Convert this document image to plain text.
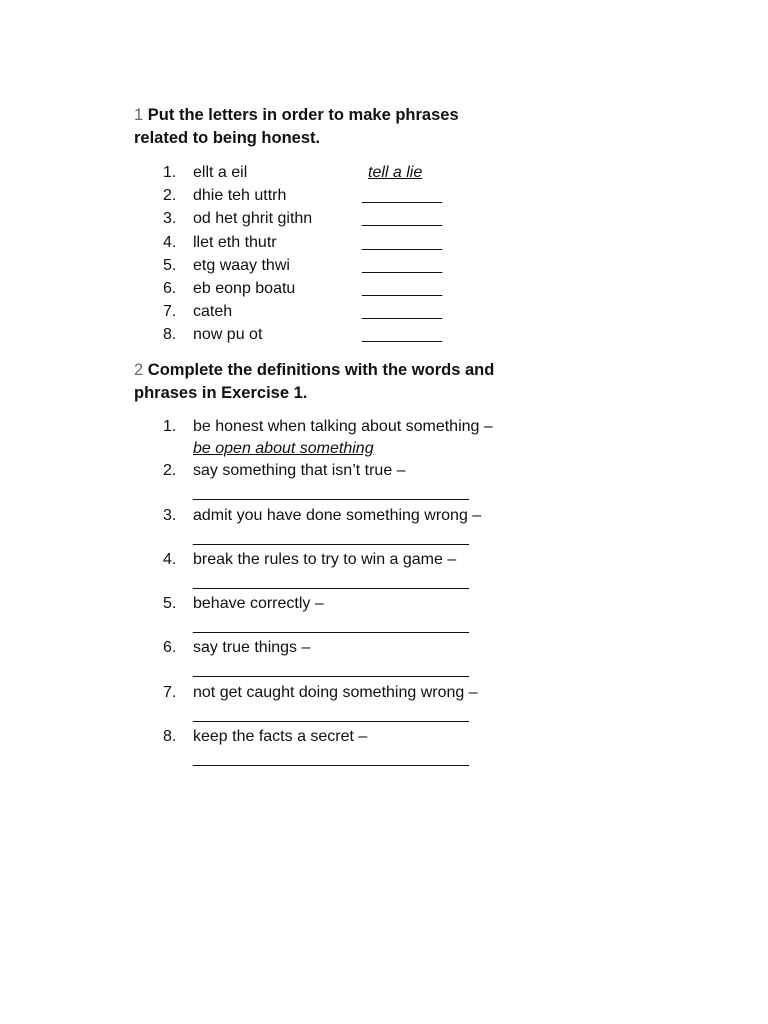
1 Put the letters in order to make phrases
related to being honest.
1.	ellt a eil	tell a lie
2.	dhie teh uttrh	_________
3.	od het ghrit githn	_________
4.	llet eth thutr	_________
5.	etg waay thwi	_________
6.	eb eonp boatu	_________
7.	cateh	_________
8.	now pu ot	_________
2 Complete the definitions with the words and
phrases in Exercise 1.
1. be honest when talking about something –
be open about something
2. say something that isn’t true –
_______________________________
3. admit you have done something wrong –
_______________________________
4. break the rules to try to win a game –
_______________________________
5. behave correctly –
_______________________________
6. say true things –
_______________________________
7. not get caught doing something wrong –
_______________________________
8. keep the facts a secret –
_______________________________
